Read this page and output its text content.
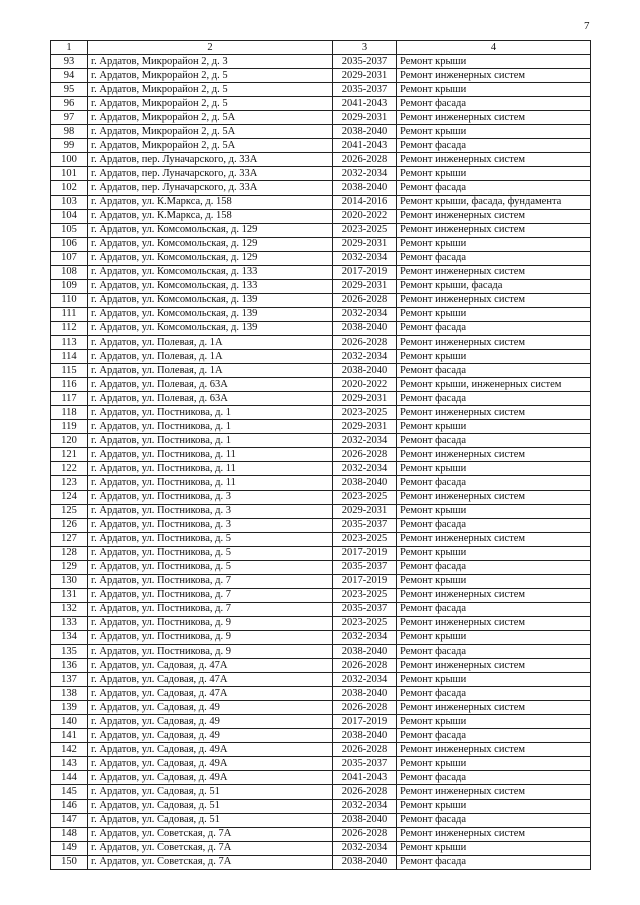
7
1	2	3	4
93	г. Ардатов, Микрорайон 2, д. 3	2035-2037	Ремонт крыши
94	г. Ардатов, Микрорайон 2, д. 5	2029-2031	Ремонт инженерных систем
95	г. Ардатов, Микрорайон 2, д. 5	2035-2037	Ремонт крыши
96	г. Ардатов, Микрорайон 2, д. 5	2041-2043	Ремонт фасада
97	г. Ардатов, Микрорайон 2, д. 5А	2029-2031	Ремонт инженерных систем
98	г. Ардатов, Микрорайон 2, д. 5А	2038-2040	Ремонт крыши
99	г. Ардатов, Микрорайон 2, д. 5А	2041-2043	Ремонт фасада
100	г. Ардатов, пер. Луначарского, д. 33А	2026-2028	Ремонт инженерных систем
101	г. Ардатов, пер. Луначарского, д. 33А	2032-2034	Ремонт крыши
102	г. Ардатов, пер. Луначарского, д. 33А	2038-2040	Ремонт фасада
103	г. Ардатов, ул. К.Маркса, д. 158	2014-2016	Ремонт крыши, фасада, фундамента
104	г. Ардатов, ул. К.Маркса, д. 158	2020-2022	Ремонт инженерных систем
105	г. Ардатов, ул. Комсомольская, д. 129	2023-2025	Ремонт инженерных систем
106	г. Ардатов, ул. Комсомольская, д. 129	2029-2031	Ремонт крыши
107	г. Ардатов, ул. Комсомольская, д. 129	2032-2034	Ремонт фасада
108	г. Ардатов, ул. Комсомольская, д. 133	2017-2019	Ремонт инженерных систем
109	г. Ардатов, ул. Комсомольская, д. 133	2029-2031	Ремонт крыши, фасада
110	г. Ардатов, ул. Комсомольская, д. 139	2026-2028	Ремонт инженерных систем
111	г. Ардатов, ул. Комсомольская, д. 139	2032-2034	Ремонт крыши
112	г. Ардатов, ул. Комсомольская, д. 139	2038-2040	Ремонт фасада
113	г. Ардатов, ул. Полевая, д. 1А	2026-2028	Ремонт инженерных систем
114	г. Ардатов, ул. Полевая, д. 1А	2032-2034	Ремонт крыши
115	г. Ардатов, ул. Полевая, д. 1А	2038-2040	Ремонт фасада
116	г. Ардатов, ул. Полевая, д. 63А	2020-2022	Ремонт крыши, инженерных систем
117	г. Ардатов, ул. Полевая, д. 63А	2029-2031	Ремонт фасада
118	г. Ардатов, ул. Постникова, д. 1	2023-2025	Ремонт инженерных систем
119	г. Ардатов, ул. Постникова, д. 1	2029-2031	Ремонт крыши
120	г. Ардатов, ул. Постникова, д. 1	2032-2034	Ремонт фасада
121	г. Ардатов, ул. Постникова, д. 11	2026-2028	Ремонт инженерных систем
122	г. Ардатов, ул. Постникова, д. 11	2032-2034	Ремонт крыши
123	г. Ардатов, ул. Постникова, д. 11	2038-2040	Ремонт фасада
124	г. Ардатов, ул. Постникова, д. 3	2023-2025	Ремонт инженерных систем
125	г. Ардатов, ул. Постникова, д. 3	2029-2031	Ремонт крыши
126	г. Ардатов, ул. Постникова, д. 3	2035-2037	Ремонт фасада
127	г. Ардатов, ул. Постникова, д. 5	2023-2025	Ремонт инженерных систем
128	г. Ардатов, ул. Постникова, д. 5	2017-2019	Ремонт крыши
129	г. Ардатов, ул. Постникова, д. 5	2035-2037	Ремонт фасада
130	г. Ардатов, ул. Постникова, д. 7	2017-2019	Ремонт крыши
131	г. Ардатов, ул. Постникова, д. 7	2023-2025	Ремонт инженерных систем
132	г. Ардатов, ул. Постникова, д. 7	2035-2037	Ремонт фасада
133	г. Ардатов, ул. Постникова, д. 9	2023-2025	Ремонт инженерных систем
134	г. Ардатов, ул. Постникова, д. 9	2032-2034	Ремонт крыши
135	г. Ардатов, ул. Постникова, д. 9	2038-2040	Ремонт фасада
136	г. Ардатов, ул. Садовая, д. 47А	2026-2028	Ремонт инженерных систем
137	г. Ардатов, ул. Садовая, д. 47А	2032-2034	Ремонт крыши
138	г. Ардатов, ул. Садовая, д. 47А	2038-2040	Ремонт фасада
139	г. Ардатов, ул. Садовая, д. 49	2026-2028	Ремонт инженерных систем
140	г. Ардатов, ул. Садовая, д. 49	2017-2019	Ремонт крыши
141	г. Ардатов, ул. Садовая, д. 49	2038-2040	Ремонт фасада
142	г. Ардатов, ул. Садовая, д. 49А	2026-2028	Ремонт инженерных систем
143	г. Ардатов, ул. Садовая, д. 49А	2035-2037	Ремонт крыши
144	г. Ардатов, ул. Садовая, д. 49А	2041-2043	Ремонт фасада
145	г. Ардатов, ул. Садовая, д. 51	2026-2028	Ремонт инженерных систем
146	г. Ардатов, ул. Садовая, д. 51	2032-2034	Ремонт крыши
147	г. Ардатов, ул. Садовая, д. 51	2038-2040	Ремонт фасада
148	г. Ардатов, ул. Советская, д. 7А	2026-2028	Ремонт инженерных систем
149	г. Ардатов, ул. Советская, д. 7А	2032-2034	Ремонт крыши
150	г. Ардатов, ул. Советская, д. 7А	2038-2040	Ремонт фасада
